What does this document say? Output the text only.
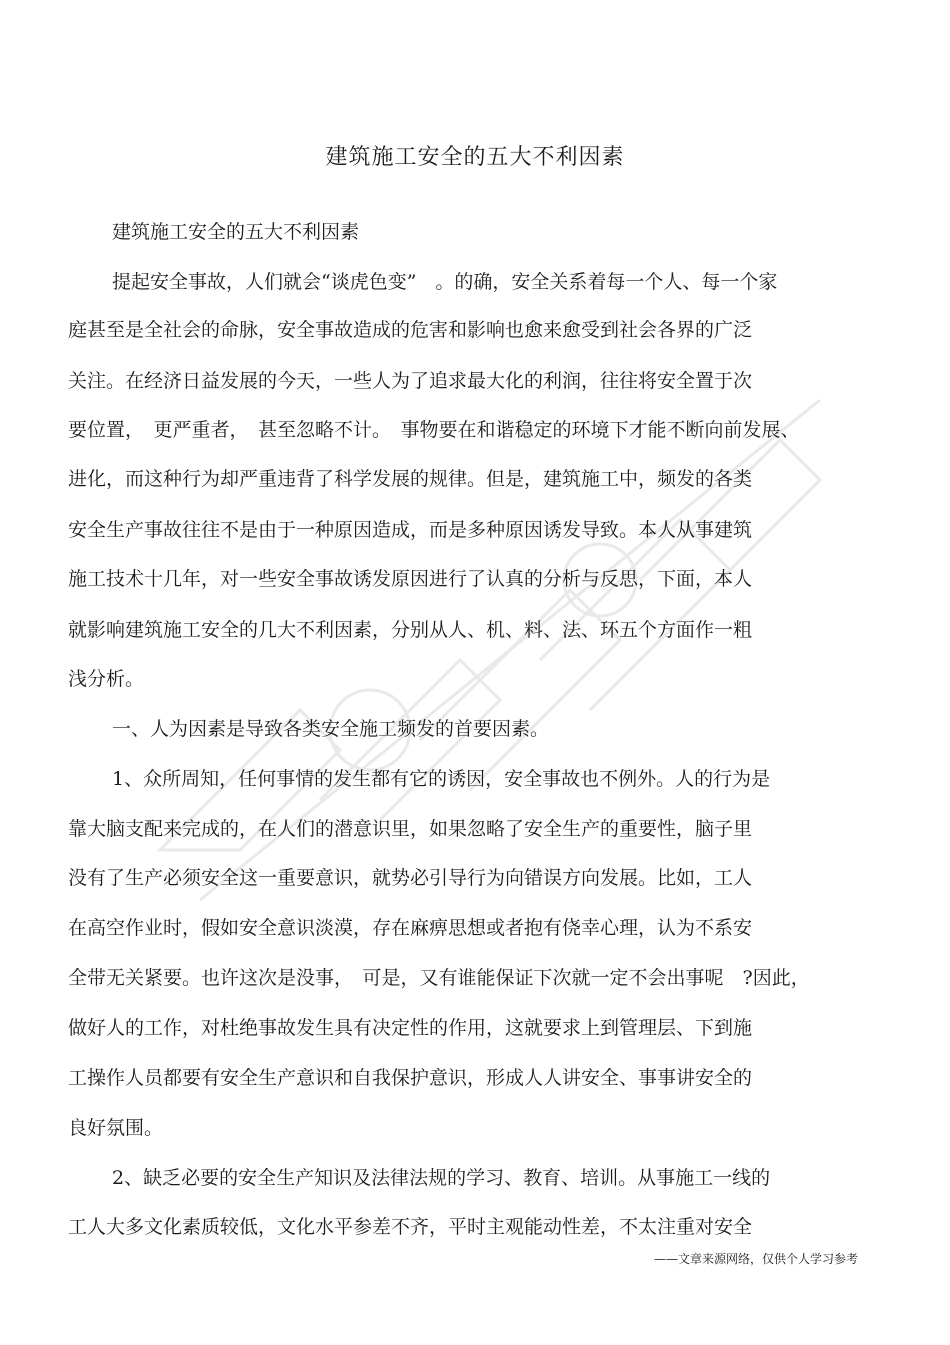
建筑施工安全的五大不利因素
建筑施工安全的五大不利因素
提起安全事故，人们就会“谈虎色变”　。的确，安全关系着每一个人、每一个家
庭甚至是全社会的命脉，安全事故造成的危害和影响也愈来愈受到社会各界的广泛
关注。在经济日益发展的今天，一些人为了追求最大化的利润，往往将安全置于次
要位置，　更严重者，　甚至忽略不计。　事物要在和谐稳定的环境下才能不断向前发展、
进化，而这种行为却严重违背了科学发展的规律。但是，建筑施工中，频发的各类
安全生产事故往往不是由于一种原因造成，而是多种原因诱发导致。本人从事建筑
施工技术十几年，对一些安全事故诱发原因进行了认真的分析与反思，下面，本人
就影响建筑施工安全的几大不利因素，分别从人、机、料、法、环五个方面作一粗
浅分析。
一、人为因素是导致各类安全施工频发的首要因素。
1、众所周知，任何事情的发生都有它的诱因，安全事故也不例外。人的行为是
靠大脑支配来完成的，在人们的潜意识里，如果忽略了安全生产的重要性，脑子里
没有了生产必须安全这一重要意识，就势必引导行为向错误方向发展。比如，工人
在高空作业时，假如安全意识淡漠，存在麻痹思想或者抱有侥幸心理，认为不系安
全带无关紧要。也许这次是没事，　可是，又有谁能保证下次就一定不会出事呢　?因此，
做好人的工作，对杜绝事故发生具有决定性的作用，这就要求上到管理层、下到施
工操作人员都要有安全生产意识和自我保护意识，形成人人讲安全、事事讲安全的
良好氛围。
2、缺乏必要的安全生产知识及法律法规的学习、教育、培训。从事施工一线的
工人大多文化素质较低，文化水平参差不齐，平时主观能动性差，不太注重对安全
——文章来源网络，仅供个人学习参考
